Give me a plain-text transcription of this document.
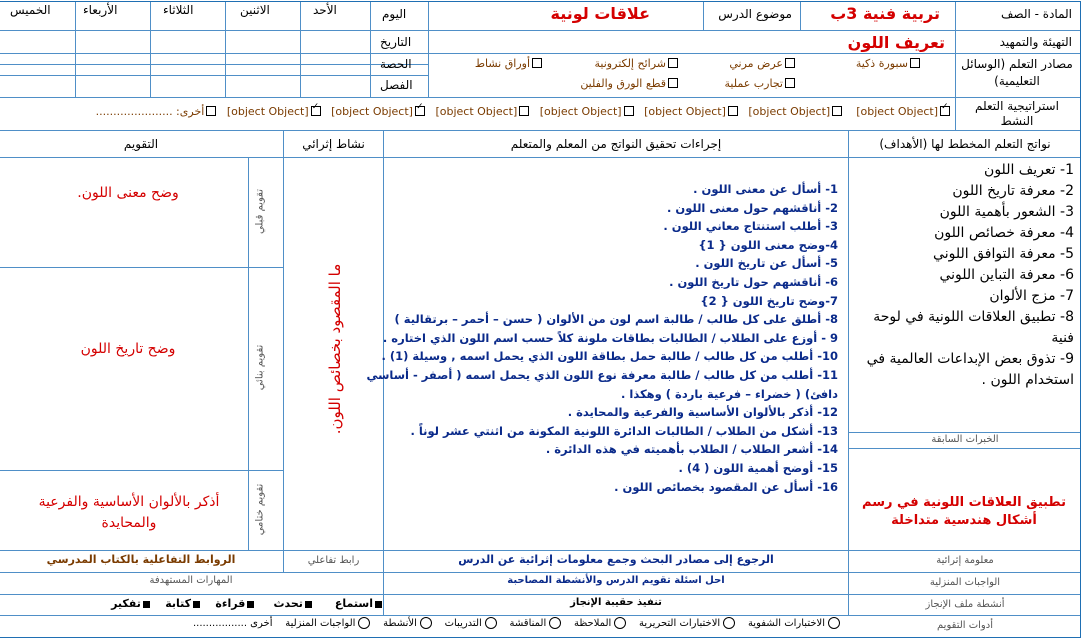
المادة - الصف
تربية فنية 3ب
موضوع الدرس
علاقات لونية
اليوم
الأحد
الاثنين
الثلاثاء
الأربعاء
الخميس
التاريخ
الحصة
الفصل
التهيئة والتمهيد
تعريف اللون
مصادر التعلم (الوسائل التعليمية)
سبورة ذكية
عرض مرني
شرائح إلكترونية
أوراق نشاط
تجارب عملية
قطع الورق والفلين
استراتيجية التعلم النشط
✓[object Object]    [object Object]   [object Object]   [object Object]   [object Object]   ✓[object Object]   ✓[object Object]   أخرى: ......................
نواتج التعلم المخطط لها (الأهداف)
إجراءات تحقيق النواتج من المعلم والمتعلم
نشاط إثرائي
التقويم
1- تعريف اللون
2- معرفة تاريخ اللون
3- الشعور بأهمية اللون
4- معرفة خصائص اللون
5- معرفة التوافق اللوني
6- معرفة التباين اللوني
7- مزج الألوان
8- تطبيق العلاقات اللونية في لوحة فنية
9- تذوق بعض الإبداعات العالمية في استخدام اللون .
الخبرات السابقة
تطبيق العلاقات اللونية في رسم أشكال هندسية متداخلة
1- أسأل عن معنى اللون .
2- أناقشهم حول معنى اللون .
3- أطلب استنتاج معاني اللون .
4-وضح معنى اللون { 1}
5- أسأل عن تاريخ اللون .
6- أناقشهم حول تاريخ اللون .
7-وضح تاريخ اللون { 2}
8- أطلق على كل طالب / طالبة اسم لون من الألوان ( حسن – أحمر – برتقالية )
9 - أوزع على الطلاب / الطالبات بطاقات ملونة كلاً حسب اسم اللون الذي اختاره .
10- أطلب من كل طالب / طالبة حمل بطاقة اللون الذي يحمل اسمه , وسيلة (1) .
11- أطلب من كل طالب / طالبة معرفة نوع اللون الذي يحمل اسمه ( أصفر - أساسي
دافئ) ( خضراء – فرعية باردة ) وهكذا .
12- أذكر بالألوان الأساسية والفرعية والمحايدة .
13- أشكل من الطلاب / الطالبات الدائرة اللونية المكونة من اثنتي عشر لوناً .
14- أشعر الطلاب / الطلاب بأهميته في هذه الدائرة .
15- أوضح أهمية اللون ( 4) .
16- أسأل عن المقصود بخصائص اللون .
ما المقصود بخصائص اللون.
تقويم قبلي
تقويم بنائي
تقويم ختامي
وضح معنى اللون.
وضح تاريخ اللون
أذكر بالألوان الأساسية والفرعية والمحايدة
معلومة إثرائية
الرجوع إلى مصادر البحث وجمع معلومات إثرائية عن الدرس
رابط تفاعلي
الروابط التفاعلية بالكتاب المدرسي
الواجبات المنزلية
احل اسئلة تقويم الدرس والأنشطة المصاحبة
المهارات المستهدفة
أنشطة ملف الإنجاز
تنفيذ حقيبة الإنجاز
استماع      تحدث     قراءة    كتابة    تفكير
أدوات التقويم
الاختبارات الشفوية    الاختبارات التحريرية    الملاحظة    المناقشة    التدريبات    الأنشطة    الواجبات المنزلية    أخرى .................
